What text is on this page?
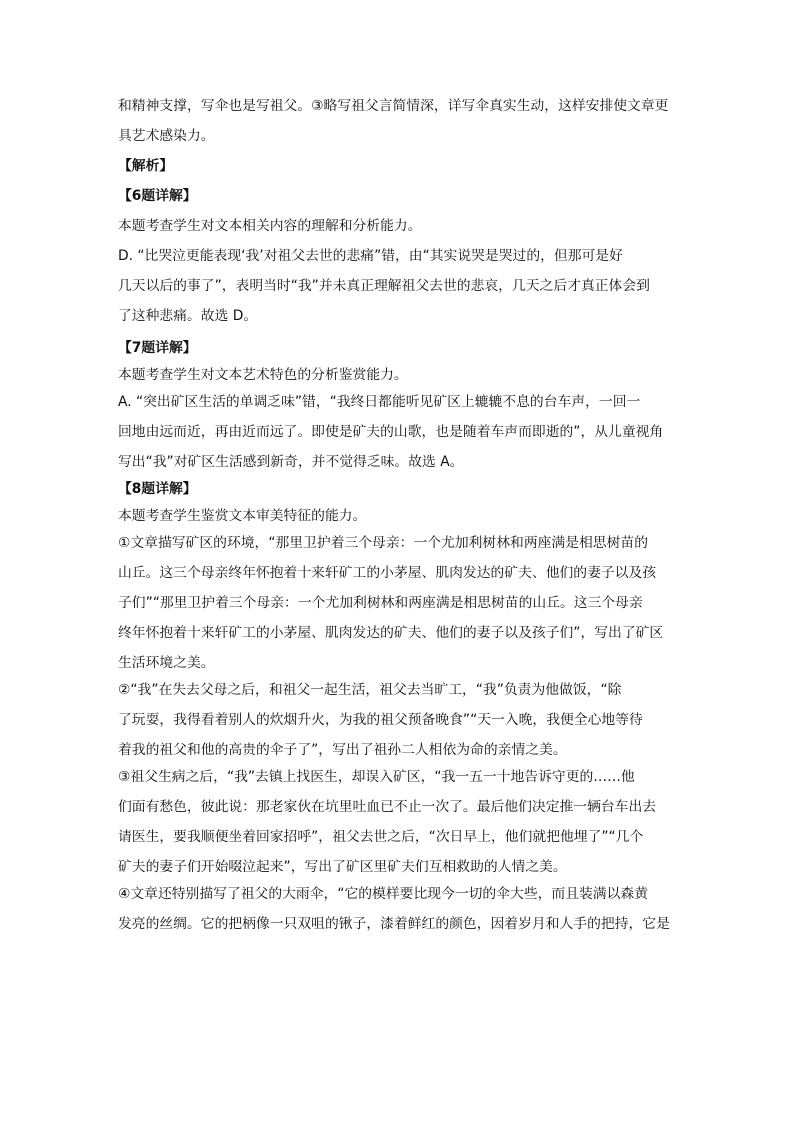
和精神支撑，写伞也是写祖父。③略写祖父言简情深，详写伞真实生动，这样安排使文章更

具艺术感染力。

【解析】

【6题详解】

本题考查学生对文本相关内容的理解和分析能力。

D. “比哭泣更能表现‘我’对祖父去世的悲痛”错，由“其实说哭是哭过的，但那可是好

几天以后的事了”，表明当时“我”并未真正理解祖父去世的悲哀，几天之后才真正体会到

了这种悲痛。故选 D。

【7题详解】

本题考查学生对文本艺术特色的分析鉴赏能力。

A. “突出矿区生活的单调乏味”错，“我终日都能听见矿区上辘辘不息的台车声，一回一

回地由远而近，再由近而远了。即使是矿夫的山歌，也是随着车声而即逝的”，从儿童视角

写出“我”对矿区生活感到新奇，并不觉得乏味。故选 A。

【8题详解】

本题考查学生鉴赏文本审美特征的能力。

①文章描写矿区的环境，“那里卫护着三个母亲：一个尤加利树林和两座满是相思树苗的

山丘。这三个母亲终年怀抱着十来轩矿工的小茅屋、肌肉发达的矿夫、他们的妻子以及孩

子们”“那里卫护着三个母亲：一个尤加利树林和两座满是相思树苗的山丘。这三个母亲

终年怀抱着十来轩矿工的小茅屋、肌肉发达的矿夫、他们的妻子以及孩子们”，写出了矿区

生活环境之美。

②“我”在失去父母之后，和祖父一起生活，祖父去当旷工，“我”负责为他做饭，“除

了玩耍，我得看着别人的炊烟升火，为我的祖父预备晚食”“天一入晚，我便全心地等待

着我的祖父和他的高贵的伞子了”，写出了祖孙二人相依为命的亲情之美。

③祖父生病之后，“我”去镇上找医生，却误入矿区，“我一五一十地告诉守更的……他

们面有愁色，彼此说：那老家伙在坑里吐血已不止一次了。最后他们决定推一辆台车出去

请医生，要我顺便坐着回家招呼”，祖父去世之后，“次日早上，他们就把他埋了”“几个

矿夫的妻子们开始啜泣起来”，写出了矿区里矿夫们互相救助的人情之美。

④文章还特别描写了祖父的大雨伞，“它的模样要比现今一切的伞大些，而且装满以森黄

发亮的丝绸。它的把柄像一只双咀的锹子，漆着鲜红的颜色，因着岁月和人手的把持，它是
